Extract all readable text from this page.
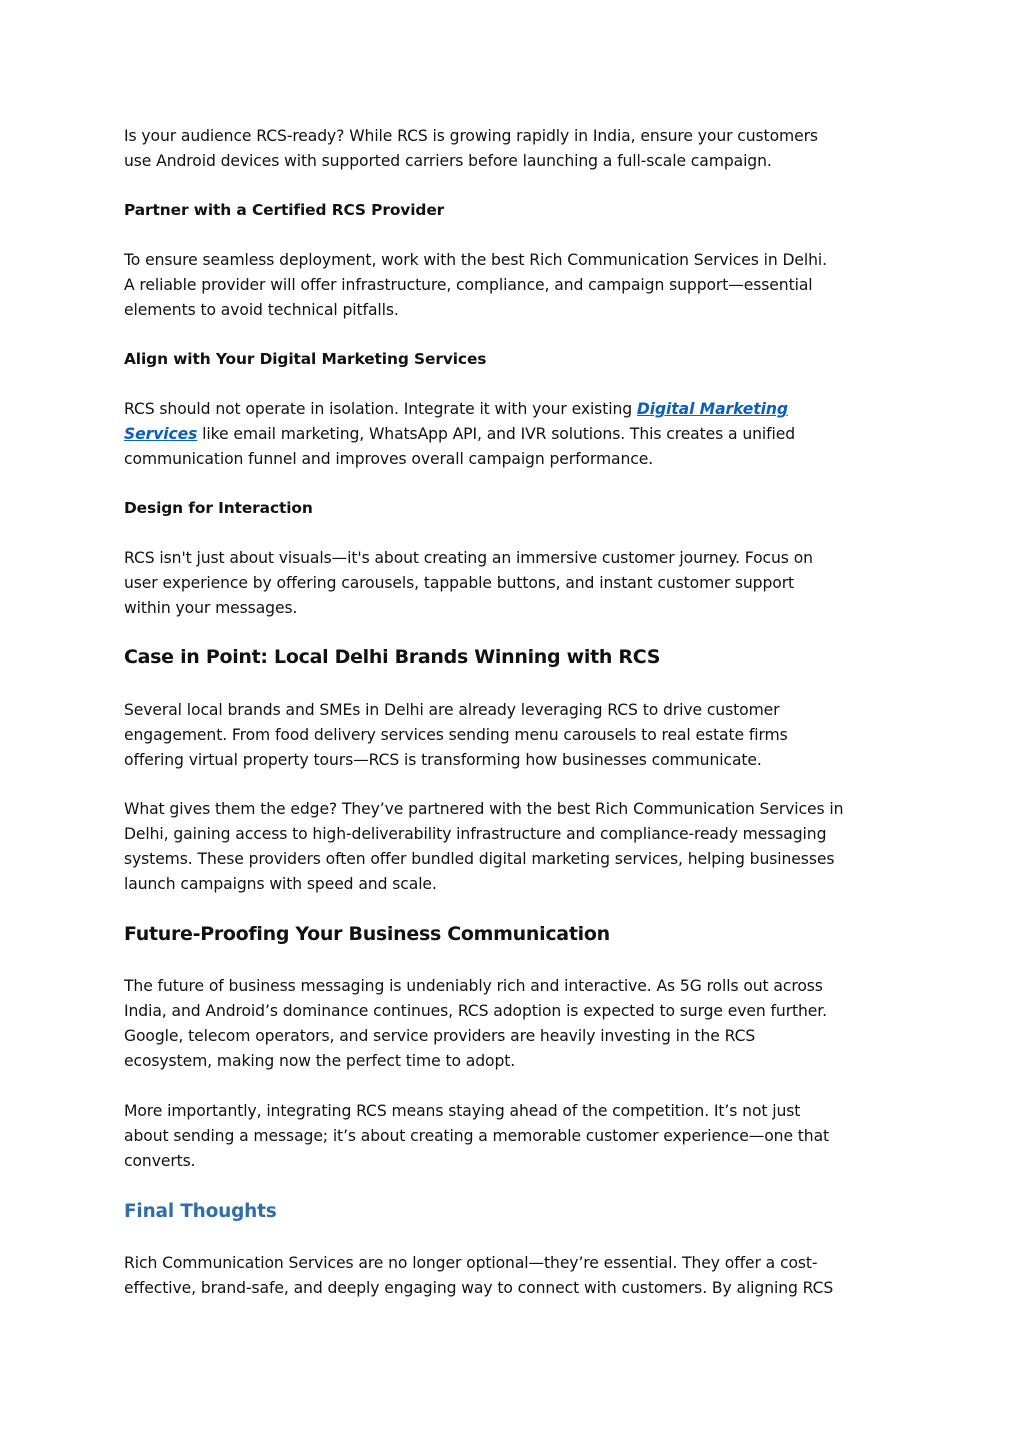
Is your audience RCS-ready? While RCS is growing rapidly in India, ensure your customers
use Android devices with supported carriers before launching a full-scale campaign.
Partner with a Certified RCS Provider
To ensure seamless deployment, work with the best Rich Communication Services in Delhi.
A reliable provider will offer infrastructure, compliance, and campaign support—essential
elements to avoid technical pitfalls.
Align with Your Digital Marketing Services
RCS should not operate in isolation. Integrate it with your existing Digital Marketing
Services like email marketing, WhatsApp API, and IVR solutions. This creates a unified
communication funnel and improves overall campaign performance.
Design for Interaction
RCS isn't just about visuals—it's about creating an immersive customer journey. Focus on
user experience by offering carousels, tappable buttons, and instant customer support
within your messages.
Case in Point: Local Delhi Brands Winning with RCS
Several local brands and SMEs in Delhi are already leveraging RCS to drive customer
engagement. From food delivery services sending menu carousels to real estate firms
offering virtual property tours—RCS is transforming how businesses communicate.
What gives them the edge? They’ve partnered with the best Rich Communication Services in
Delhi, gaining access to high-deliverability infrastructure and compliance-ready messaging
systems. These providers often offer bundled digital marketing services, helping businesses
launch campaigns with speed and scale.
Future-Proofing Your Business Communication
The future of business messaging is undeniably rich and interactive. As 5G rolls out across
India, and Android’s dominance continues, RCS adoption is expected to surge even further.
Google, telecom operators, and service providers are heavily investing in the RCS
ecosystem, making now the perfect time to adopt.
More importantly, integrating RCS means staying ahead of the competition. It’s not just
about sending a message; it’s about creating a memorable customer experience—one that
converts.
Final Thoughts
Rich Communication Services are no longer optional—they’re essential. They offer a cost-
effective, brand-safe, and deeply engaging way to connect with customers. By aligning RCS
